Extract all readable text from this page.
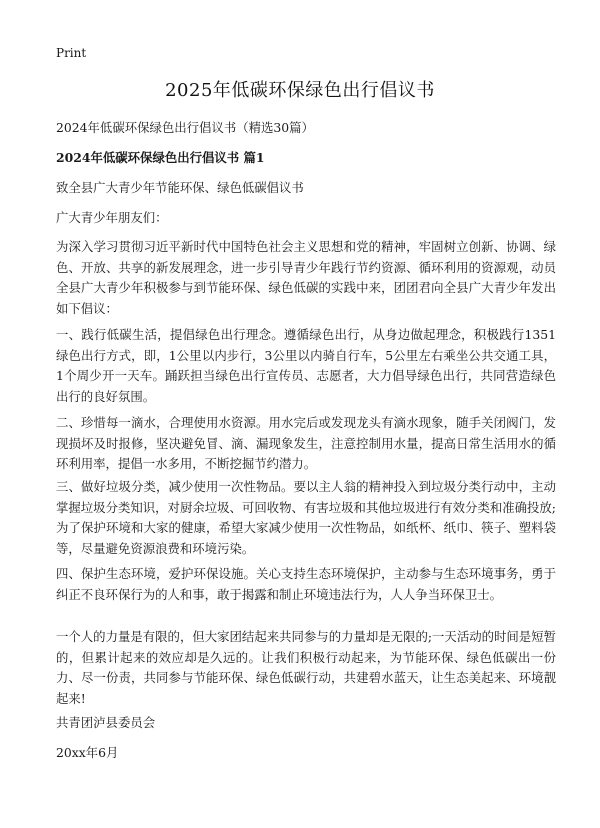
Print
2025年低碳环保绿色出行倡议书
2024年低碳环保绿色出行倡议书（精选30篇）
2024年低碳环保绿色出行倡议书 篇1
致全县广大青少年节能环保、绿色低碳倡议书
广大青少年朋友们：
为深入学习贯彻习近平新时代中国特色社会主义思想和党的精神，牢固树立创新、协调、绿色、开放、共享的新发展理念，进一步引导青少年践行节约资源、循环利用的资源观，动员全县广大青少年积极参与到节能环保、绿色低碳的实践中来，团团君向全县广大青少年发出如下倡议：
一、践行低碳生活，提倡绿色出行理念。遵循绿色出行，从身边做起理念，积极践行1351绿色出行方式，即，1公里以内步行，3公里以内骑自行车，5公里左右乘坐公共交通工具，1个周少开一天车。踊跃担当绿色出行宣传员、志愿者，大力倡导绿色出行，共同营造绿色出行的良好氛围。
二、珍惜每一滴水，合理使用水资源。用水完后或发现龙头有滴水现象，随手关闭阀门，发现损坏及时报修，坚决避免冒、滴、漏现象发生，注意控制用水量，提高日常生活用水的循环利用率，提倡一水多用，不断挖掘节约潜力。
三、做好垃圾分类，减少使用一次性物品。要以主人翁的精神投入到垃圾分类行动中，主动掌握垃圾分类知识，对厨余垃圾、可回收物、有害垃圾和其他垃圾进行有效分类和准确投放;为了保护环境和大家的健康，希望大家减少使用一次性物品，如纸杯、纸巾、筷子、塑料袋等，尽量避免资源浪费和环境污染。
四、保护生态环境，爱护环保设施。关心支持生态环境保护，主动参与生态环境事务，勇于纠正不良环保行为的人和事，敢于揭露和制止环境违法行为，人人争当环保卫士。
一个人的力量是有限的，但大家团结起来共同参与的力量却是无限的;一天活动的时间是短暂的，但累计起来的效应却是久远的。让我们积极行动起来，为节能环保、绿色低碳出一份力、尽一份责，共同参与节能环保、绿色低碳行动，共建碧水蓝天，让生态美起来、环境靓起来!
共青团泸县委员会
20xx年6月
